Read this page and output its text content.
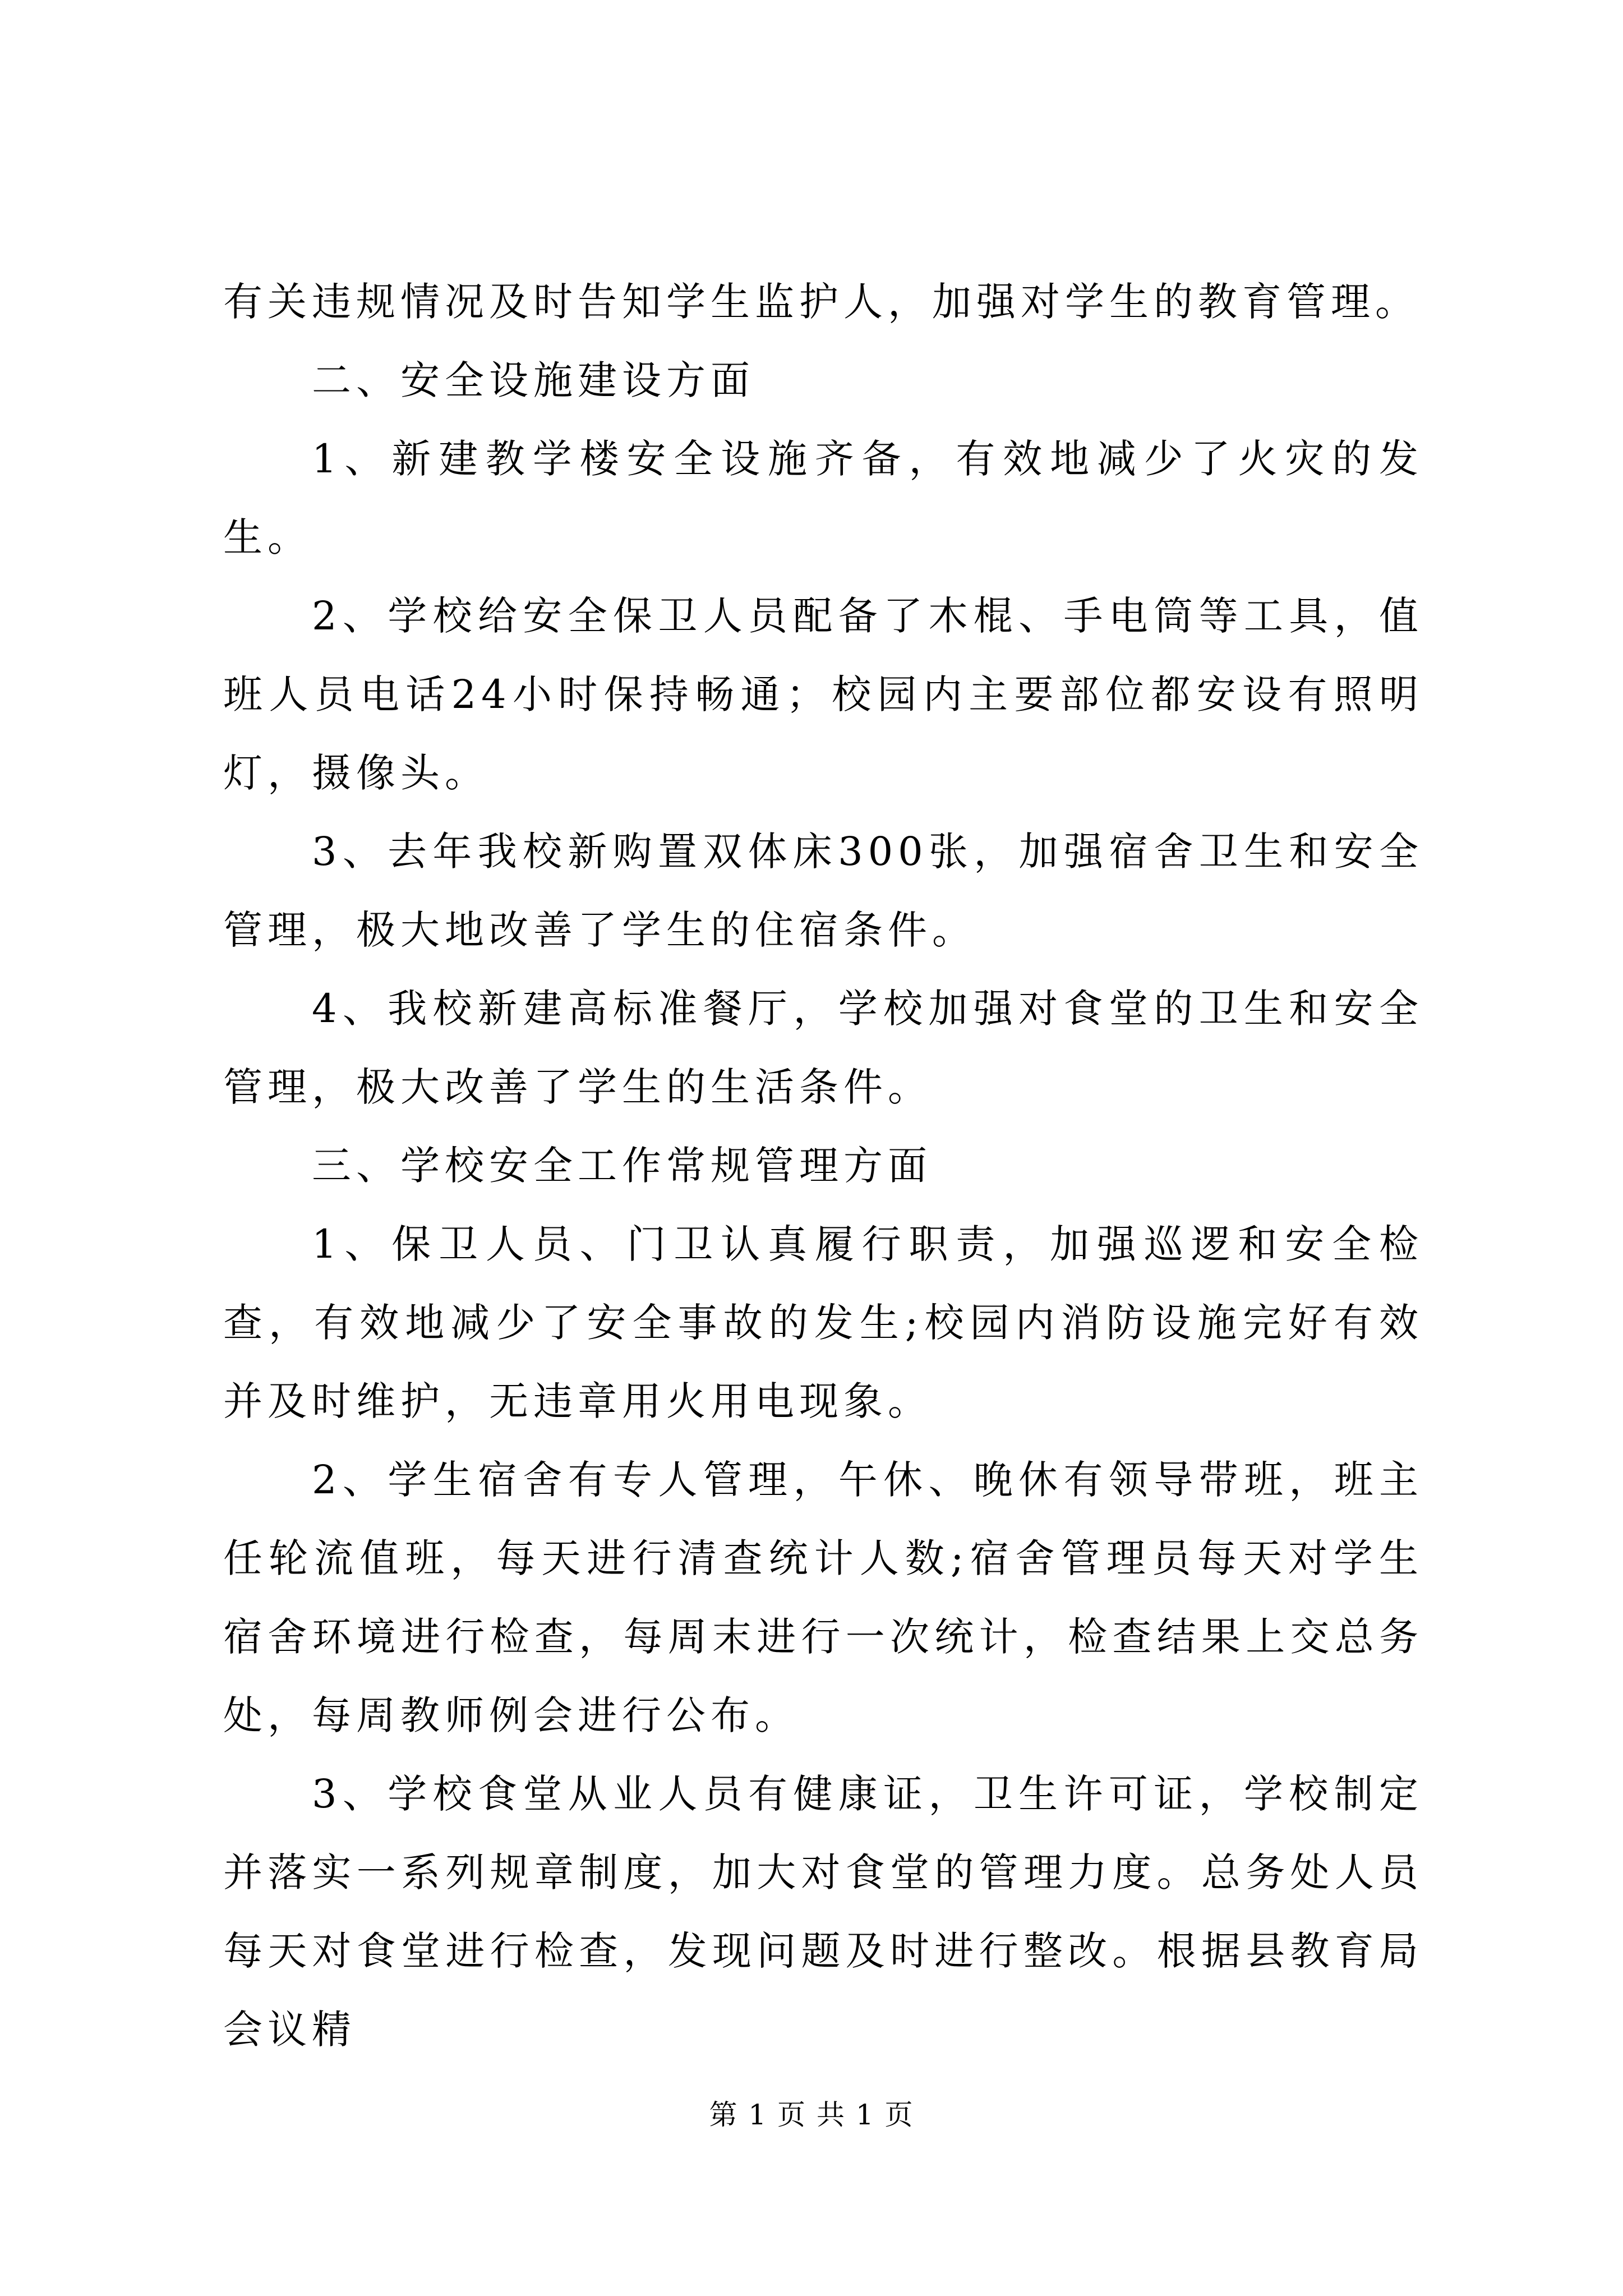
有关违规情况及时告知学生监护人，加强对学生的教育管理。

二、安全设施建设方面

1、新建教学楼安全设施齐备，有效地减少了火灾的发生。

2、学校给安全保卫人员配备了木棍、手电筒等工具，值班人员电话24小时保持畅通；校园内主要部位都安设有照明灯，摄像头。

3、去年我校新购置双体床300张，加强宿舍卫生和安全管理，极大地改善了学生的住宿条件。

4、我校新建高标准餐厅，学校加强对食堂的卫生和安全管理，极大改善了学生的生活条件。

三、学校安全工作常规管理方面

1、保卫人员、门卫认真履行职责，加强巡逻和安全检查，有效地减少了安全事故的发生;校园内消防设施完好有效并及时维护，无违章用火用电现象。

2、学生宿舍有专人管理，午休、晚休有领导带班，班主任轮流值班，每天进行清查统计人数;宿舍管理员每天对学生宿舍环境进行检查，每周末进行一次统计，检查结果上交总务处，每周教师例会进行公布。

3、学校食堂从业人员有健康证，卫生许可证，学校制定并落实一系列规章制度，加大对食堂的管理力度。总务处人员每天对食堂进行检查，发现问题及时进行整改。根据县教育局会议精

第 1 页 共 1 页
